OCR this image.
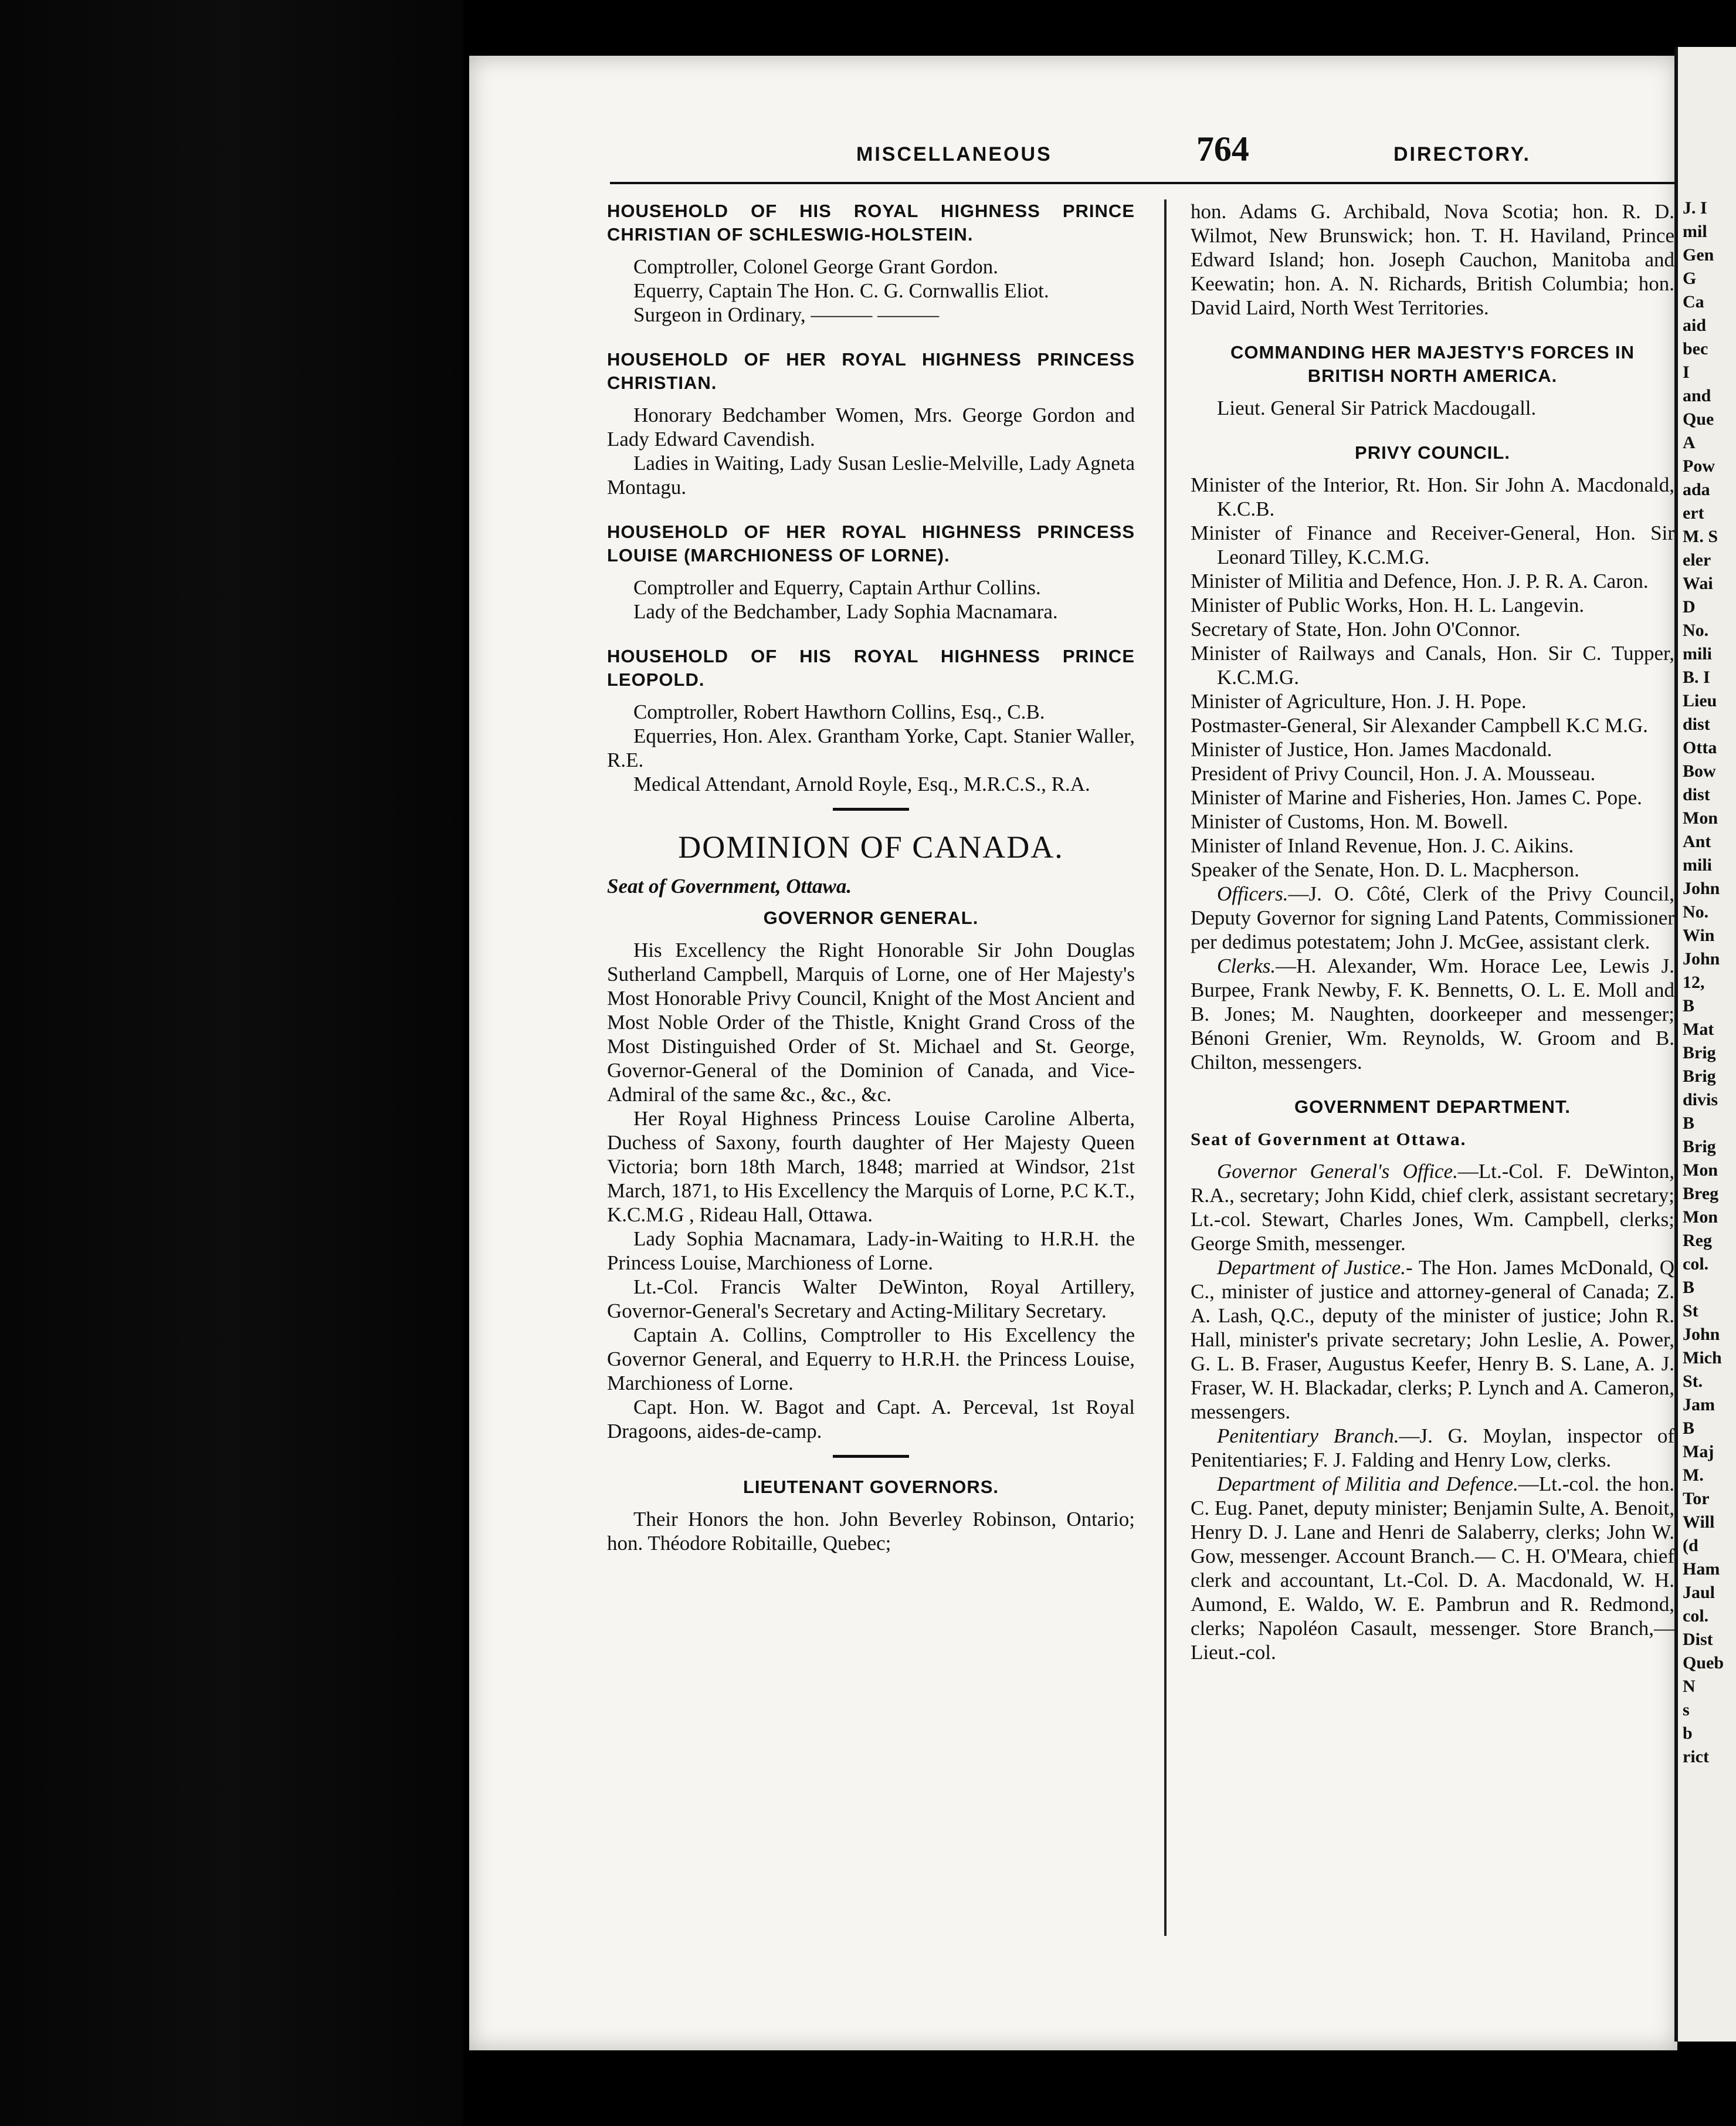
MISCELLANEOUS	764	DIRECTORY.

HOUSEHOLD OF HIS ROYAL HIGHNESS PRINCE CHRISTIAN OF SCHLESWIG-HOLSTEIN.

Comptroller, Colonel George Grant Gordon.

Equerry, Captain The Hon. C. G. Cornwallis Eliot.

Surgeon in Ordinary, ——— ———

HOUSEHOLD OF HER ROYAL HIGHNESS PRINCESS CHRISTIAN.

Honorary Bedchamber Women, Mrs. George Gordon and Lady Edward Cavendish.

Ladies in Waiting, Lady Susan Leslie-Melville, Lady Agneta Montagu.

HOUSEHOLD OF HER ROYAL HIGHNESS PRINCESS LOUISE (MARCHIONESS OF LORNE).

Comptroller and Equerry, Captain Arthur Collins.

Lady of the Bedchamber, Lady Sophia Macnamara.

HOUSEHOLD OF HIS ROYAL HIGHNESS PRINCE LEOPOLD.

Comptroller, Robert Hawthorn Collins, Esq., C.B.

Equerries, Hon. Alex. Grantham Yorke, Capt. Stanier Waller, R.E.

Medical Attendant, Arnold Royle, Esq., M.R.C.S., R.A.

DOMINION OF CANADA.

Seat of Government, Ottawa.

GOVERNOR GENERAL.

His Excellency the Right Honorable Sir John Douglas Sutherland Campbell, Marquis of Lorne, one of Her Majesty's Most Honorable Privy Council, Knight of the Most Ancient and Most Noble Order of the Thistle, Knight Grand Cross of the Most Distinguished Order of St. Michael and St. George, Governor-General of the Dominion of Canada, and Vice-Admiral of the same &c., &c., &c.

Her Royal Highness Princess Louise Caroline Alberta, Duchess of Saxony, fourth daughter of Her Majesty Queen Victoria; born 18th March, 1848; married at Windsor, 21st March, 1871, to His Excellency the Marquis of Lorne, P.C K.T., K.C.M.G , Rideau Hall, Ottawa.

Lady Sophia Macnamara, Lady-in-Waiting to H.R.H. the Princess Louise, Marchioness of Lorne.

Lt.-Col. Francis Walter DeWinton, Royal Artillery, Governor-General's Secretary and Acting-Military Secretary.

Captain A. Collins, Comptroller to His Excellency the Governor General, and Equerry to H.R.H. the Princess Louise, Marchioness of Lorne.

Capt. Hon. W. Bagot and Capt. A. Perceval, 1st Royal Dragoons, aides-de-camp.

LIEUTENANT GOVERNORS.

Their Honors the hon. John Beverley Robinson, Ontario; hon. Théodore Robitaille, Quebec;

hon. Adams G. Archibald, Nova Scotia; hon. R. D. Wilmot, New Brunswick; hon. T. H. Haviland, Prince Edward Island; hon. Joseph Cauchon, Manitoba and Keewatin; hon. A. N. Richards, British Columbia; hon. David Laird, North West Territories.

COMMANDING HER MAJESTY'S FORCES IN BRITISH NORTH AMERICA.

Lieut. General Sir Patrick Macdougall.

PRIVY COUNCIL.

Minister of the Interior, Rt. Hon. Sir John A. Macdonald, K.C.B.

Minister of Finance and Receiver-General, Hon. Sir Leonard Tilley, K.C.M.G.

Minister of Militia and Defence, Hon. J. P. R. A. Caron.

Minister of Public Works, Hon. H. L. Langevin.

Secretary of State, Hon. John O'Connor.

Minister of Railways and Canals, Hon. Sir C. Tupper, K.C.M.G.

Minister of Agriculture, Hon. J. H. Pope.

Postmaster-General, Sir Alexander Campbell K.C M.G.

Minister of Justice, Hon. James Macdonald.

President of Privy Council, Hon. J. A. Mousseau.

Minister of Marine and Fisheries, Hon. James C. Pope.

Minister of Customs, Hon. M. Bowell.

Minister of Inland Revenue, Hon. J. C. Aikins.

Speaker of the Senate, Hon. D. L. Macpherson.

Officers.—J. O. Côté, Clerk of the Privy Council, Deputy Governor for signing Land Patents, Commissioner per dedimus potestatem; John J. McGee, assistant clerk.

Clerks.—H. Alexander, Wm. Horace Lee, Lewis J. Burpee, Frank Newby, F. K. Bennetts, O. L. E. Moll and B. Jones; M. Naughten, doorkeeper and messenger; Bénoni Grenier, Wm. Reynolds, W. Groom and B. Chilton, messengers.

GOVERNMENT DEPARTMENT.

Seat of Government at Ottawa.

Governor General's Office.—Lt.-Col. F. DeWinton, R.A., secretary; John Kidd, chief clerk, assistant secretary; Lt.-col. Stewart, Charles Jones, Wm. Campbell, clerks; George Smith, messenger.

Department of Justice.- The Hon. James McDonald, Q C., minister of justice and attorney-general of Canada; Z. A. Lash, Q.C., deputy of the minister of justice; John R. Hall, minister's private secretary; John Leslie, A. Power, G. L. B. Fraser, Augustus Keefer, Henry B. S. Lane, A. J. Fraser, W. H. Blackadar, clerks; P. Lynch and A. Cameron, messengers.

Penitentiary Branch.—J. G. Moylan, inspector of Penitentiaries; F. J. Falding and Henry Low, clerks.

Department of Militia and Defence.—Lt.-col. the hon. C. Eug. Panet, deputy minister; Benjamin Sulte, A. Benoit, Henry D. J. Lane and Henri de Salaberry, clerks; John W. Gow, messenger. Account Branch.— C. H. O'Meara, chief clerk and accountant, Lt.-Col. D. A. Macdonald, W. H. Aumond, E. Waldo, W. E. Pambrun and R. Redmond, clerks; Napoléon Casault, messenger. Store Branch,—Lieut.-col.

J. I
mil
Gen
G
Ca
aid
bec
I
and
Que
A
Pow
ada
ert
M. S
eler
Wai
D
No.
mili
B. I
Lieu
dist
Otta
Bow
dist
Mon
Ant
mili
John
No.
Win
John
12,
B
Mat
Brig
Brig
divis
B
Brig
Mon
Breg
Mon
Reg
col.
B
St
John
Mich
St.
Jam
B
Maj
M.
Tor
Will
(d
Ham
Jaul
col.
Dist
Queb
N
s
b
rict
